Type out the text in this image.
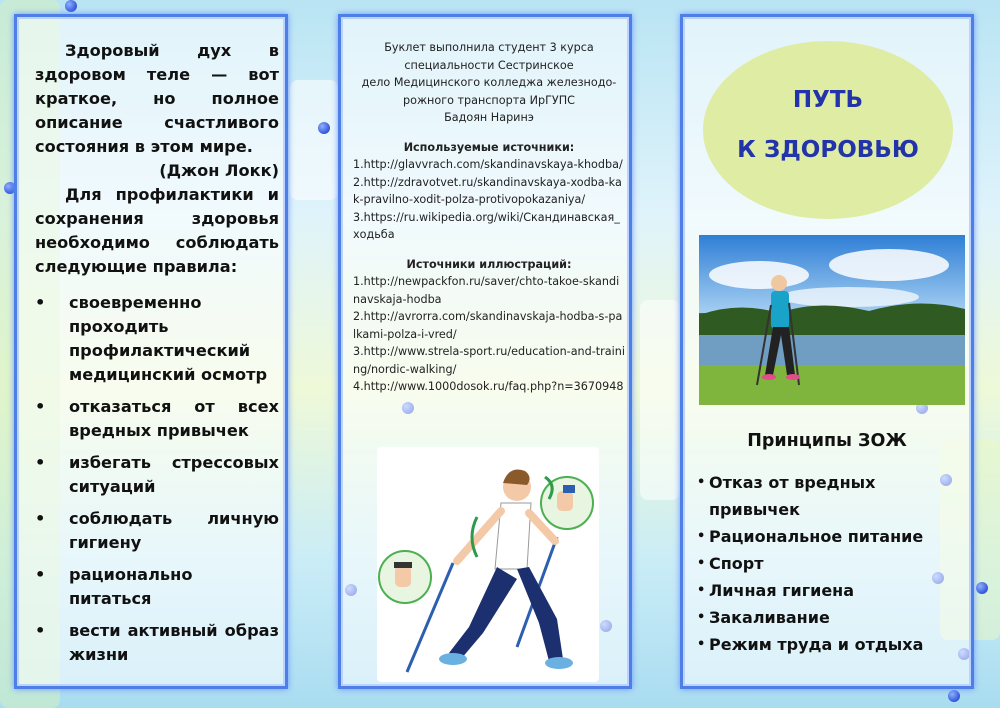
Здоровый дух в здоровом теле — вот краткое, но полное описание счастливого состояния в этом мире.
(Джон Локк)
Для профилактики и сохранения здоровья необходимо соблюдать следующие правила:
• своевременно проходить профилактический медицинский осмотр
• отказаться от всех вредных привычек
• избегать стрессовых ситуаций
• соблюдать личную гигиену
• рационально питаться
• вести активный образ жизни
Буклет выполнила студент 3 курса
специальности Сестринское
дело Медицинского колледжа железнодо-
рожного транспорта ИрГУПС
Бадоян Наринэ
Используемые источники:
1.http://glavvrach.com/skandinavskaya-khodba/
2.http://zdravotvet.ru/skandinavskaya-xodba-kak-pravilno-xodit-polza-protivopokazaniya/
3.https://ru.wikipedia.org/wiki/Скандинавская_ходьба
Источники иллюстраций:
1.http://newpackfon.ru/saver/chto-takoe-skandinavskaja-hodba
2.http://avrorra.com/skandinavskaja-hodba-s-palkami-polza-i-vred/
3.http://www.strela-sport.ru/education-and-training/nordic-walking/
4.http://www.1000dosok.ru/faq.php?n=3670948
ПУТЬ
К ЗДОРОВЬЮ
Принципы ЗОЖ
• Отказ от вредных привычек
• Рациональное питание
• Спорт
• Личная гигиена
• Закаливание
• Режим труда и отдыха
